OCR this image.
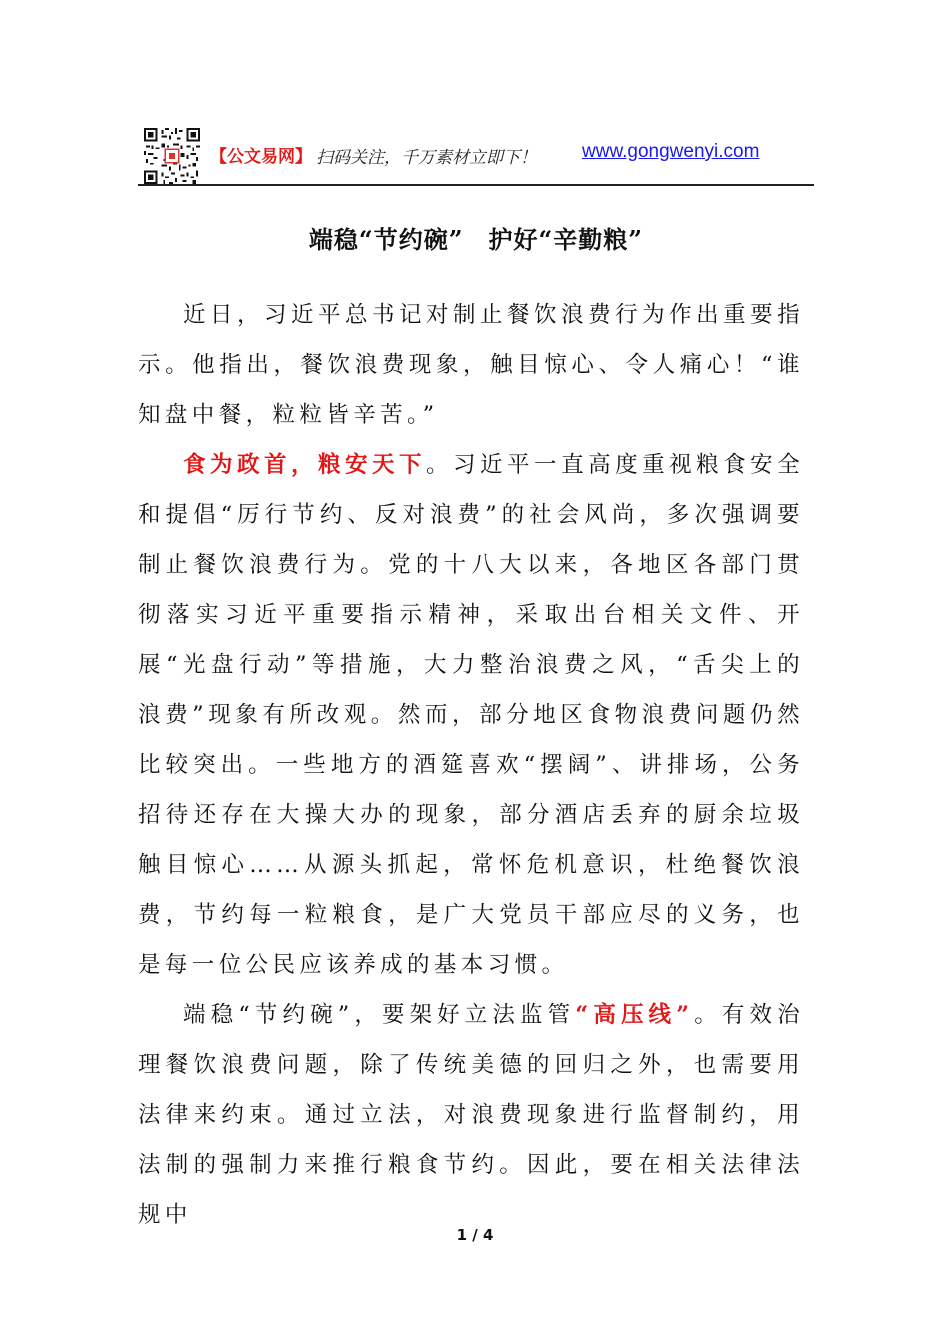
【公文易网】 扫码关注，千万素材立即下！ www.gongwenyi.com
端稳“节约碗”　护好“辛勤粮”

近日，习近平总书记对制止餐饮浪费行为作出重要指示。他指出，餐饮浪费现象，触目惊心、令人痛心！“谁知盘中餐，粒粒皆辛苦。”

食为政首，粮安天下。习近平一直高度重视粮食安全和提倡“厉行节约、反对浪费”的社会风尚，多次强调要制止餐饮浪费行为。党的十八大以来，各地区各部门贯彻落实习近平重要指示精神，采取出台相关文件、开展“光盘行动”等措施，大力整治浪费之风，“舌尖上的浪费”现象有所改观。然而，部分地区食物浪费问题仍然比较突出。一些地方的酒筵喜欢“摆阔”、讲排场，公务招待还存在大操大办的现象，部分酒店丢弃的厨余垃圾触目惊心……从源头抓起，常怀危机意识，杜绝餐饮浪费，节约每一粒粮食，是广大党员干部应尽的义务，也是每一位公民应该养成的基本习惯。

端稳“节约碗”，要架好立法监管“高压线”。有效治理餐饮浪费问题，除了传统美德的回归之外，也需要用法律来约束。通过立法，对浪费现象进行监督制约，用法制的强制力来推行粮食节约。因此，要在相关法律法规中

1 / 4
